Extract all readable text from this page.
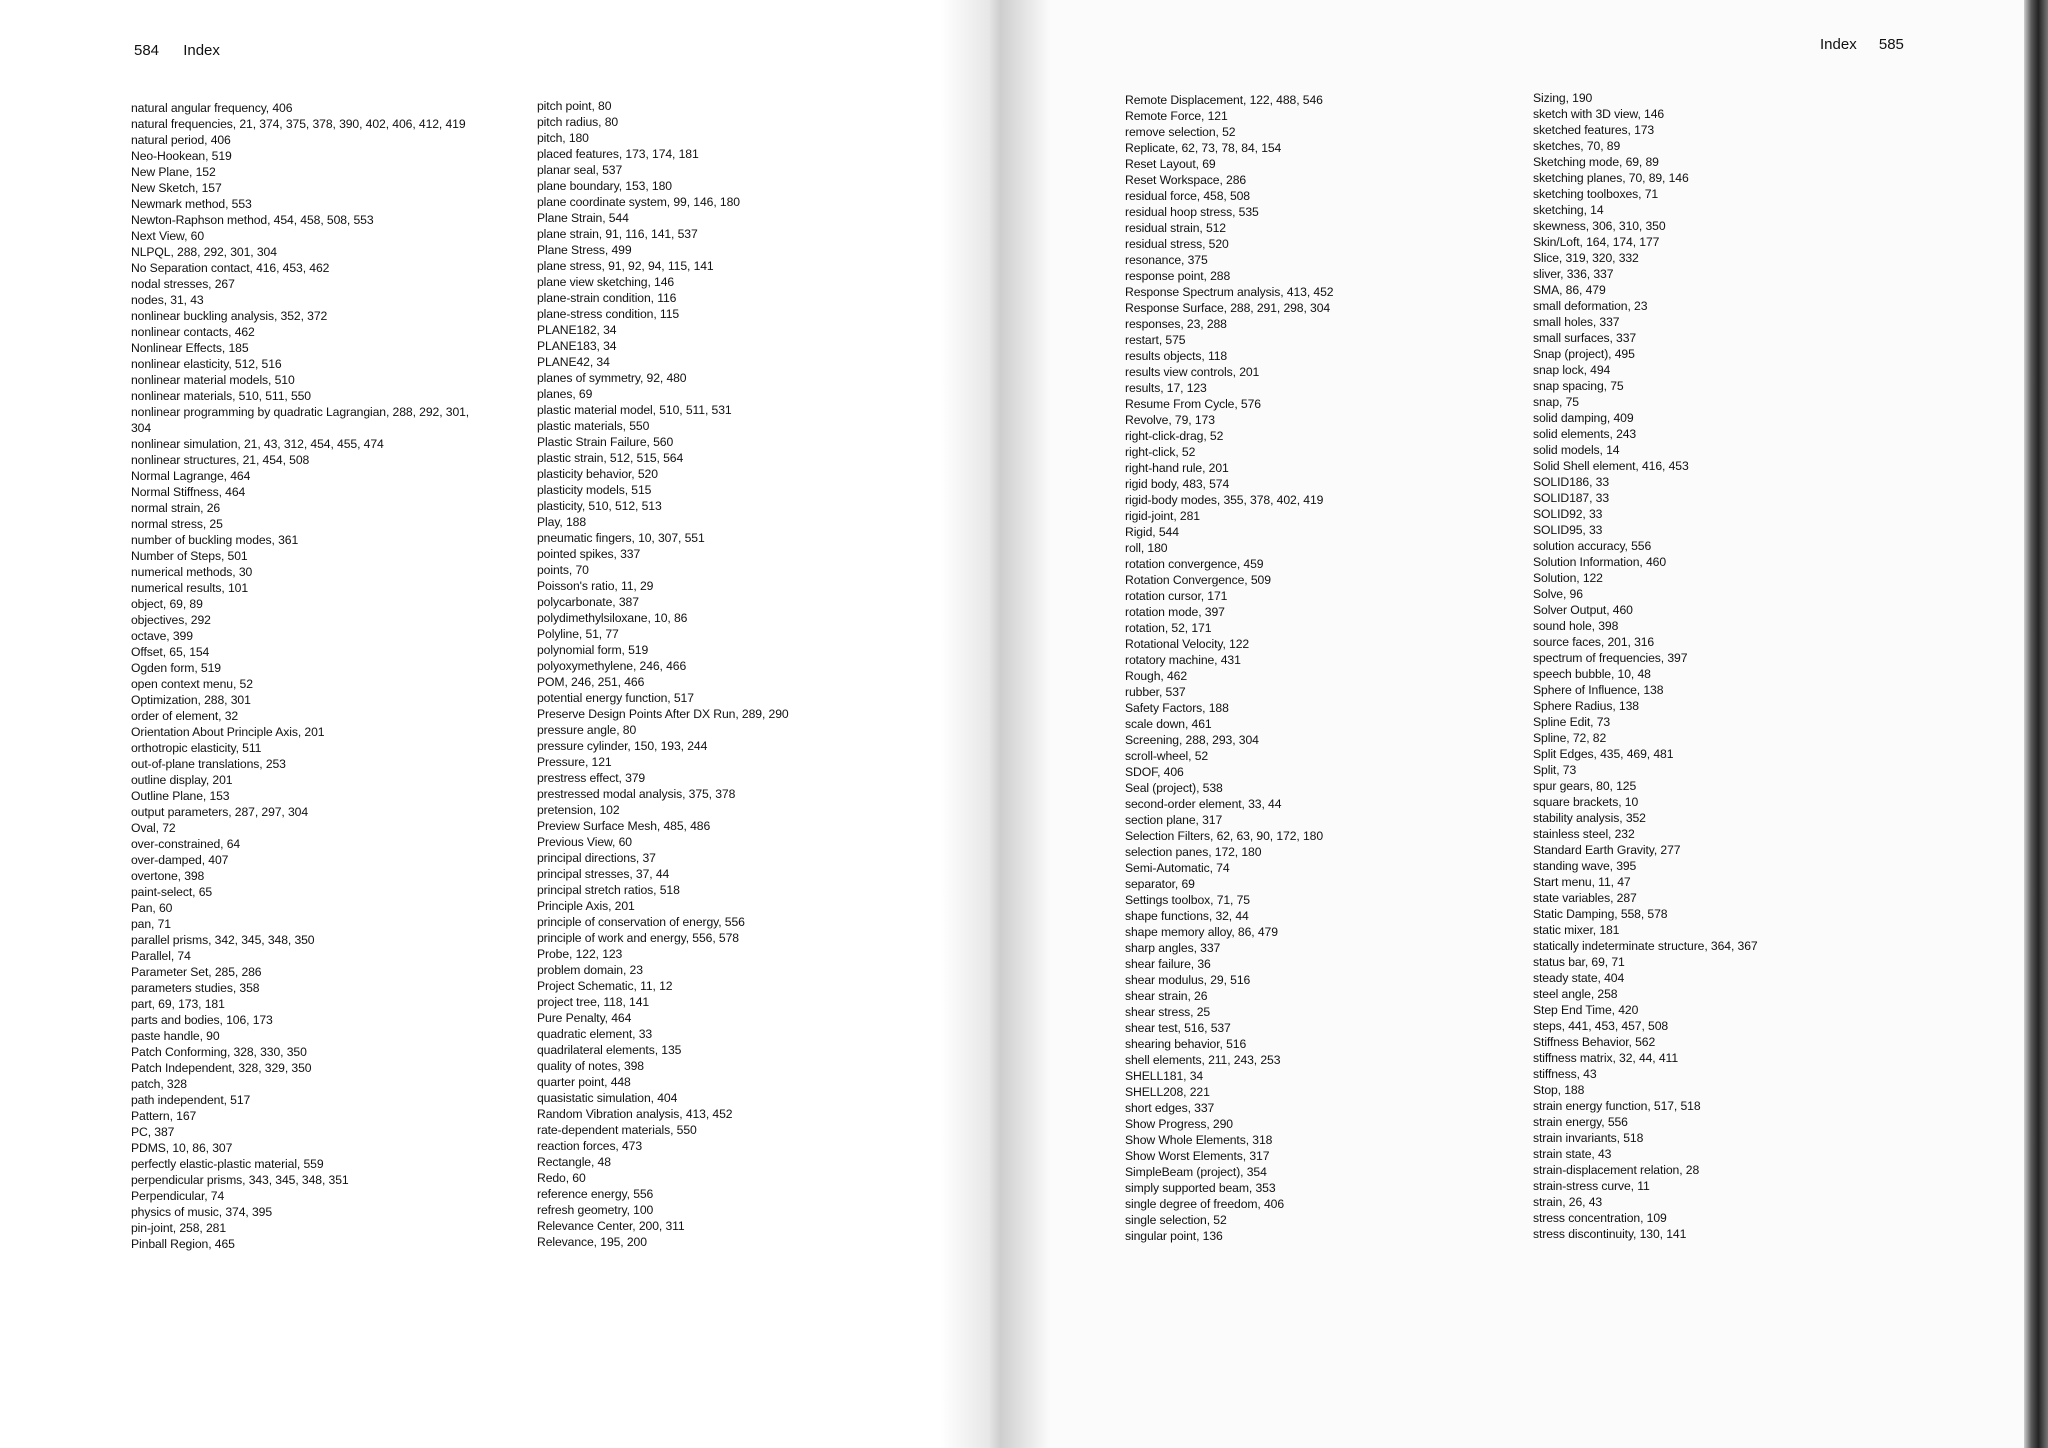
584 Index	Index 585
natural angular frequency, 406
natural frequencies, 21, 374, 375, 378, 390, 402, 406, 412, 419
natural period, 406
Neo-Hookean, 519
New Plane, 152
New Sketch, 157
Newmark method, 553
Newton-Raphson method, 454, 458, 508, 553
Next View, 60
NLPQL, 288, 292, 301, 304
No Separation contact, 416, 453, 462
nodal stresses, 267
nodes, 31, 43
nonlinear buckling analysis, 352, 372
nonlinear contacts, 462
Nonlinear Effects, 185
nonlinear elasticity, 512, 516
nonlinear material models, 510
nonlinear materials, 510, 511, 550
nonlinear programming by quadratic Lagrangian, 288, 292, 301, 304
nonlinear simulation, 21, 43, 312, 454, 455, 474
nonlinear structures, 21, 454, 508
Normal Lagrange, 464
Normal Stiffness, 464
normal strain, 26
normal stress, 25
number of buckling modes, 361
Number of Steps, 501
numerical methods, 30
numerical results, 101
object, 69, 89
objectives, 292
octave, 399
Offset, 65, 154
Ogden form, 519
open context menu, 52
Optimization, 288, 301
order of element, 32
Orientation About Principle Axis, 201
orthotropic elasticity, 511
out-of-plane translations, 253
outline display, 201
Outline Plane, 153
output parameters, 287, 297, 304
Oval, 72
over-constrained, 64
over-damped, 407
overtone, 398
paint-select, 65
Pan, 60
pan, 71
parallel prisms, 342, 345, 348, 350
Parallel, 74
Parameter Set, 285, 286
parameters studies, 358
part, 69, 173, 181
parts and bodies, 106, 173
paste handle, 90
Patch Conforming, 328, 330, 350
Patch Independent, 328, 329, 350
patch, 328
path independent, 517
Pattern, 167
PC, 387
PDMS, 10, 86, 307
perfectly elastic-plastic material, 559
perpendicular prisms, 343, 345, 348, 351
Perpendicular, 74
physics of music, 374, 395
pin-joint, 258, 281
Pinball Region, 465
pitch point, 80
pitch radius, 80
pitch, 180
placed features, 173, 174, 181
planar seal, 537
plane boundary, 153, 180
plane coordinate system, 99, 146, 180
Plane Strain, 544
plane strain, 91, 116, 141, 537
Plane Stress, 499
plane stress, 91, 92, 94, 115, 141
plane view sketching, 146
plane-strain condition, 116
plane-stress condition, 115
PLANE182, 34
PLANE183, 34
PLANE42, 34
planes of symmetry, 92, 480
planes, 69
plastic material model, 510, 511, 531
plastic materials, 550
Plastic Strain Failure, 560
plastic strain, 512, 515, 564
plasticity behavior, 520
plasticity models, 515
plasticity, 510, 512, 513
Play, 188
pneumatic fingers, 10, 307, 551
pointed spikes, 337
points, 70
Poisson's ratio, 11, 29
polycarbonate, 387
polydimethylsiloxane, 10, 86
Polyline, 51, 77
polynomial form, 519
polyoxymethylene, 246, 466
POM, 246, 251, 466
potential energy function, 517
Preserve Design Points After DX Run, 289, 290
pressure angle, 80
pressure cylinder, 150, 193, 244
Pressure, 121
prestress effect, 379
prestressed modal analysis, 375, 378
pretension, 102
Preview Surface Mesh, 485, 486
Previous View, 60
principal directions, 37
principal stresses, 37, 44
principal stretch ratios, 518
Principle Axis, 201
principle of conservation of energy, 556
principle of work and energy, 556, 578
Probe, 122, 123
problem domain, 23
Project Schematic, 11, 12
project tree, 118, 141
Pure Penalty, 464
quadratic element, 33
quadrilateral elements, 135
quality of notes, 398
quarter point, 448
quasistatic simulation, 404
Random Vibration analysis, 413, 452
rate-dependent materials, 550
reaction forces, 473
Rectangle, 48
Redo, 60
reference energy, 556
refresh geometry, 100
Relevance Center, 200, 311
Relevance, 195, 200
Remote Displacement, 122, 488, 546
Remote Force, 121
remove selection, 52
Replicate, 62, 73, 78, 84, 154
Reset Layout, 69
Reset Workspace, 286
residual force, 458, 508
residual hoop stress, 535
residual strain, 512
residual stress, 520
resonance, 375
response point, 288
Response Spectrum analysis, 413, 452
Response Surface, 288, 291, 298, 304
responses, 23, 288
restart, 575
results objects, 118
results view controls, 201
results, 17, 123
Resume From Cycle, 576
Revolve, 79, 173
right-click-drag, 52
right-click, 52
right-hand rule, 201
rigid body, 483, 574
rigid-body modes, 355, 378, 402, 419
rigid-joint, 281
Rigid, 544
roll, 180
rotation convergence, 459
Rotation Convergence, 509
rotation cursor, 171
rotation mode, 397
rotation, 52, 171
Rotational Velocity, 122
rotatory machine, 431
Rough, 462
rubber, 537
Safety Factors, 188
scale down, 461
Screening, 288, 293, 304
scroll-wheel, 52
SDOF, 406
Seal (project), 538
second-order element, 33, 44
section plane, 317
Selection Filters, 62, 63, 90, 172, 180
selection panes, 172, 180
Semi-Automatic, 74
separator, 69
Settings toolbox, 71, 75
shape functions, 32, 44
shape memory alloy, 86, 479
sharp angles, 337
shear failure, 36
shear modulus, 29, 516
shear strain, 26
shear stress, 25
shear test, 516, 537
shearing behavior, 516
shell elements, 211, 243, 253
SHELL181, 34
SHELL208, 221
short edges, 337
Show Progress, 290
Show Whole Elements, 318
Show Worst Elements, 317
SimpleBeam (project), 354
simply supported beam, 353
single degree of freedom, 406
single selection, 52
singular point, 136
Sizing, 190
sketch with 3D view, 146
sketched features, 173
sketches, 70, 89
Sketching mode, 69, 89
sketching planes, 70, 89, 146
sketching toolboxes, 71
sketching, 14
skewness, 306, 310, 350
Skin/Loft, 164, 174, 177
Slice, 319, 320, 332
sliver, 336, 337
SMA, 86, 479
small deformation, 23
small holes, 337
small surfaces, 337
Snap (project), 495
snap lock, 494
snap spacing, 75
snap, 75
solid damping, 409
solid elements, 243
solid models, 14
Solid Shell element, 416, 453
SOLID186, 33
SOLID187, 33
SOLID92, 33
SOLID95, 33
solution accuracy, 556
Solution Information, 460
Solution, 122
Solve, 96
Solver Output, 460
sound hole, 398
source faces, 201, 316
spectrum of frequencies, 397
speech bubble, 10, 48
Sphere of Influence, 138
Sphere Radius, 138
Spline Edit, 73
Spline, 72, 82
Split Edges, 435, 469, 481
Split, 73
spur gears, 80, 125
square brackets, 10
stability analysis, 352
stainless steel, 232
Standard Earth Gravity, 277
standing wave, 395
Start menu, 11, 47
state variables, 287
Static Damping, 558, 578
static mixer, 181
statically indeterminate structure, 364, 367
status bar, 69, 71
steady state, 404
steel angle, 258
Step End Time, 420
steps, 441, 453, 457, 508
Stiffness Behavior, 562
stiffness matrix, 32, 44, 411
stiffness, 43
Stop, 188
strain energy function, 517, 518
strain energy, 556
strain invariants, 518
strain state, 43
strain-displacement relation, 28
strain-stress curve, 11
strain, 26, 43
stress concentration, 109
stress discontinuity, 130, 141
